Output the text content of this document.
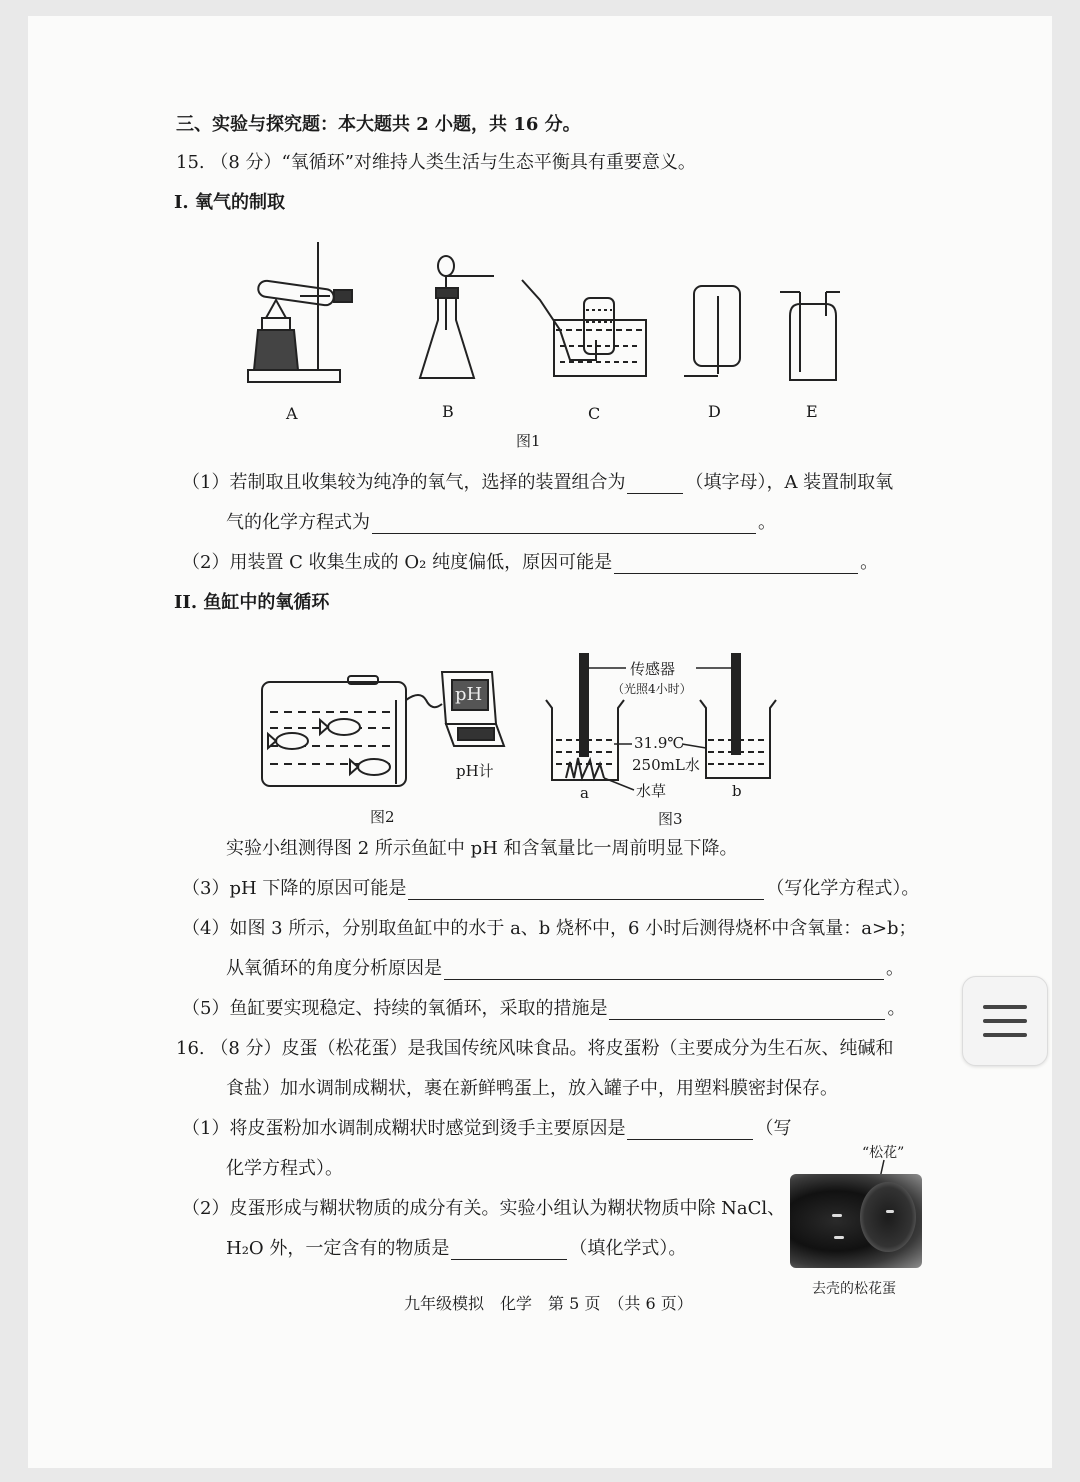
三、实验与探究题：本大题共 2 小题，共 16 分。
15. （8 分）“氧循环”对维持人类生活与生态平衡具有重要意义。
I. 氧气的制取
A	B	C	D	E
图1
（1）若制取且收集较为纯净的氧气，选择的装置组合为	（填字母），A 装置制取氧
气的化学方程式为	。
（2）用装置 C 收集生成的 O₂ 纯度偏低，原因可能是	。
II. 鱼缸中的氧循环
pH
pH计
图2
传感器
（光照4小时）
31.9℃
250mL水
水草
a	b
图3
实验小组测得图 2 所示鱼缸中 pH 和含氧量比一周前明显下降。
（3）pH 下降的原因可能是	（写化学方程式）。
（4）如图 3 所示，分别取鱼缸中的水于 a、b 烧杯中，6 小时后测得烧杯中含氧量：a>b；
从氧循环的角度分析原因是	。
（5）鱼缸要实现稳定、持续的氧循环，采取的措施是	。
16. （8 分）皮蛋（松花蛋）是我国传统风味食品。将皮蛋粉（主要成分为生石灰、纯碱和
食盐）加水调制成糊状，裹在新鲜鸭蛋上，放入罐子中，用塑料膜密封保存。
（1）将皮蛋粉加水调制成糊状时感觉到烫手主要原因是	（写
化学方程式）。
（2）皮蛋形成与糊状物质的成分有关。实验小组认为糊状物质中除 NaCl、
H₂O 外，一定含有的物质是	（填化学式）。
“松花”
去壳的松花蛋
九年级模拟　化学　第 5 页　（共 6 页）
